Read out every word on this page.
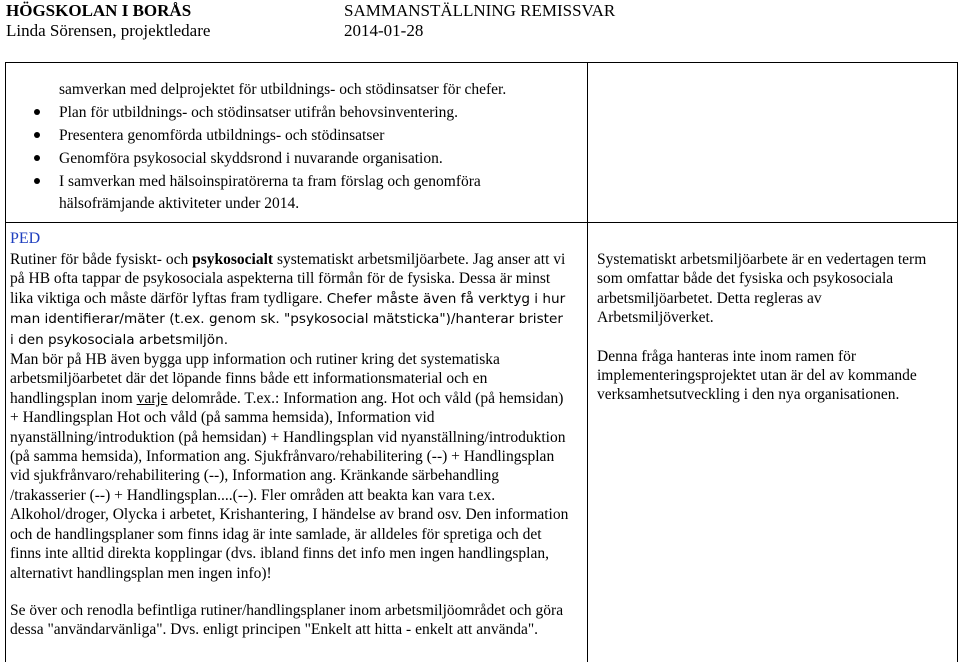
HÖGSKOLAN I BORÅS	SAMMANSTÄLLNING REMISSVAR
Linda Sörensen, projektledare	2014-01-28
samverkan med delprojektet för utbildnings- och stödinsatser för chefer.
Plan för utbildnings- och stödinsatser utifrån behovsinventering.
Presentera genomförda utbildnings- och stödinsatser
Genomföra psykosocial skyddsrond i nuvarande organisation.
I samverkan med hälsoinspiratörerna ta fram förslag och genomföra
hälsofrämjande aktiviteter under 2014.
PED

Rutiner för både fysiskt- och psykosocialt systematiskt arbetsmiljöarbete. Jag anser att vi på HB ofta tappar de psykosociala aspekterna till förmån för de fysiska. Dessa är minst lika viktiga och måste därför lyftas fram tydligare. Chefer måste även få verktyg i hur man identifierar/mäter (t.ex. genom sk. "psykosocial mätsticka")/hanterar brister i den psykosociala arbetsmiljön.

Man bör på HB även bygga upp information och rutiner kring det systematiska arbetsmiljöarbetet där det löpande finns både ett informationsmaterial och en handlingsplan inom varje delområde. T.ex.: Information ang. Hot och våld (på hemsidan) + Handlingsplan Hot och våld (på samma hemsida), Information vid nyanställning/introduktion (på hemsidan) + Handlingsplan vid nyanställning/introduktion (på samma hemsida), Information ang. Sjukfrånvaro/rehabilitering (--) + Handlingsplan vid sjukfrånvaro/rehabilitering (--), Information ang. Kränkande särbehandling /trakasserier (--) + Handlingsplan....(--). Fler områden att beakta kan vara t.ex. Alkohol/droger, Olycka i arbetet, Krishantering, I händelse av brand osv. Den information och de handlingsplaner som finns idag är inte samlade, är alldeles för spretiga och det finns inte alltid direkta kopplingar (dvs. ibland finns det info men ingen handlingsplan, alternativt handlingsplan men ingen info)!

Se över och renodla befintliga rutiner/handlingsplaner inom arbetsmiljöområdet och göra dessa "användarvänliga". Dvs. enligt principen "Enkelt att hitta - enkelt att använda".

Systematiskt arbetsmiljöarbete är en vedertagen term som omfattar både det fysiska och psykosociala arbetsmiljöarbetet. Detta regleras av Arbetsmiljöverket.

Denna fråga hanteras inte inom ramen för implementeringsprojektet utan är del av kommande verksamhetsutveckling i den nya organisationen.
